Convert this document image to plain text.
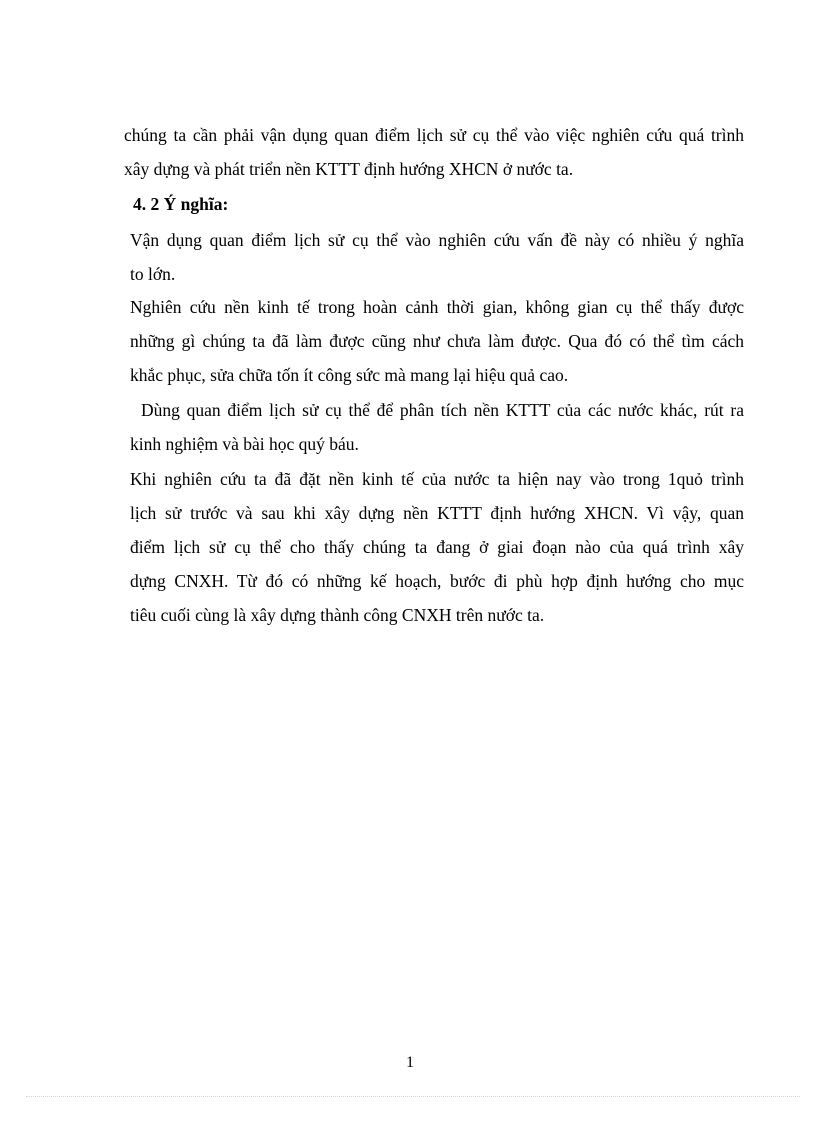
chúng ta cần phải vận dụng quan điểm lịch sử cụ thể vào việc nghiên cứu quá trình
xây dựng và phát triển nền KTTT định hướng XHCN ở nước ta.
4. 2 Ý nghĩa:
Vận dụng quan điểm lịch sử cụ thể vào nghiên cứu vấn đề này có nhiều ý nghĩa
to lớn.
Nghiên cứu nền kinh tế trong hoàn cảnh thời gian, không gian cụ thể thấy được
những gì chúng ta đã làm được cũng như chưa làm được. Qua đó có thể tìm cách
khắc phục, sửa chữa tốn ít công sức mà mang lại hiệu quả cao.
Dùng quan điểm lịch sử cụ thể để phân tích nền KTTT của các nước khác, rút ra
kinh nghiệm và bài học quý báu.
Khi nghiên cứu ta đã đặt nền kinh tế của nước ta hiện nay vào trong 1quỏ trình
lịch sử trước và sau khi xây dựng nền KTTT định hướng XHCN. Vì vậy, quan
điểm lịch sử cụ thể cho thấy chúng ta đang ở giai đoạn nào của quá trình xây
dựng CNXH. Từ đó có những kế hoạch, bước đi phù hợp định hướng cho mục
tiêu cuối cùng là xây dựng thành công CNXH trên nước ta.
1
